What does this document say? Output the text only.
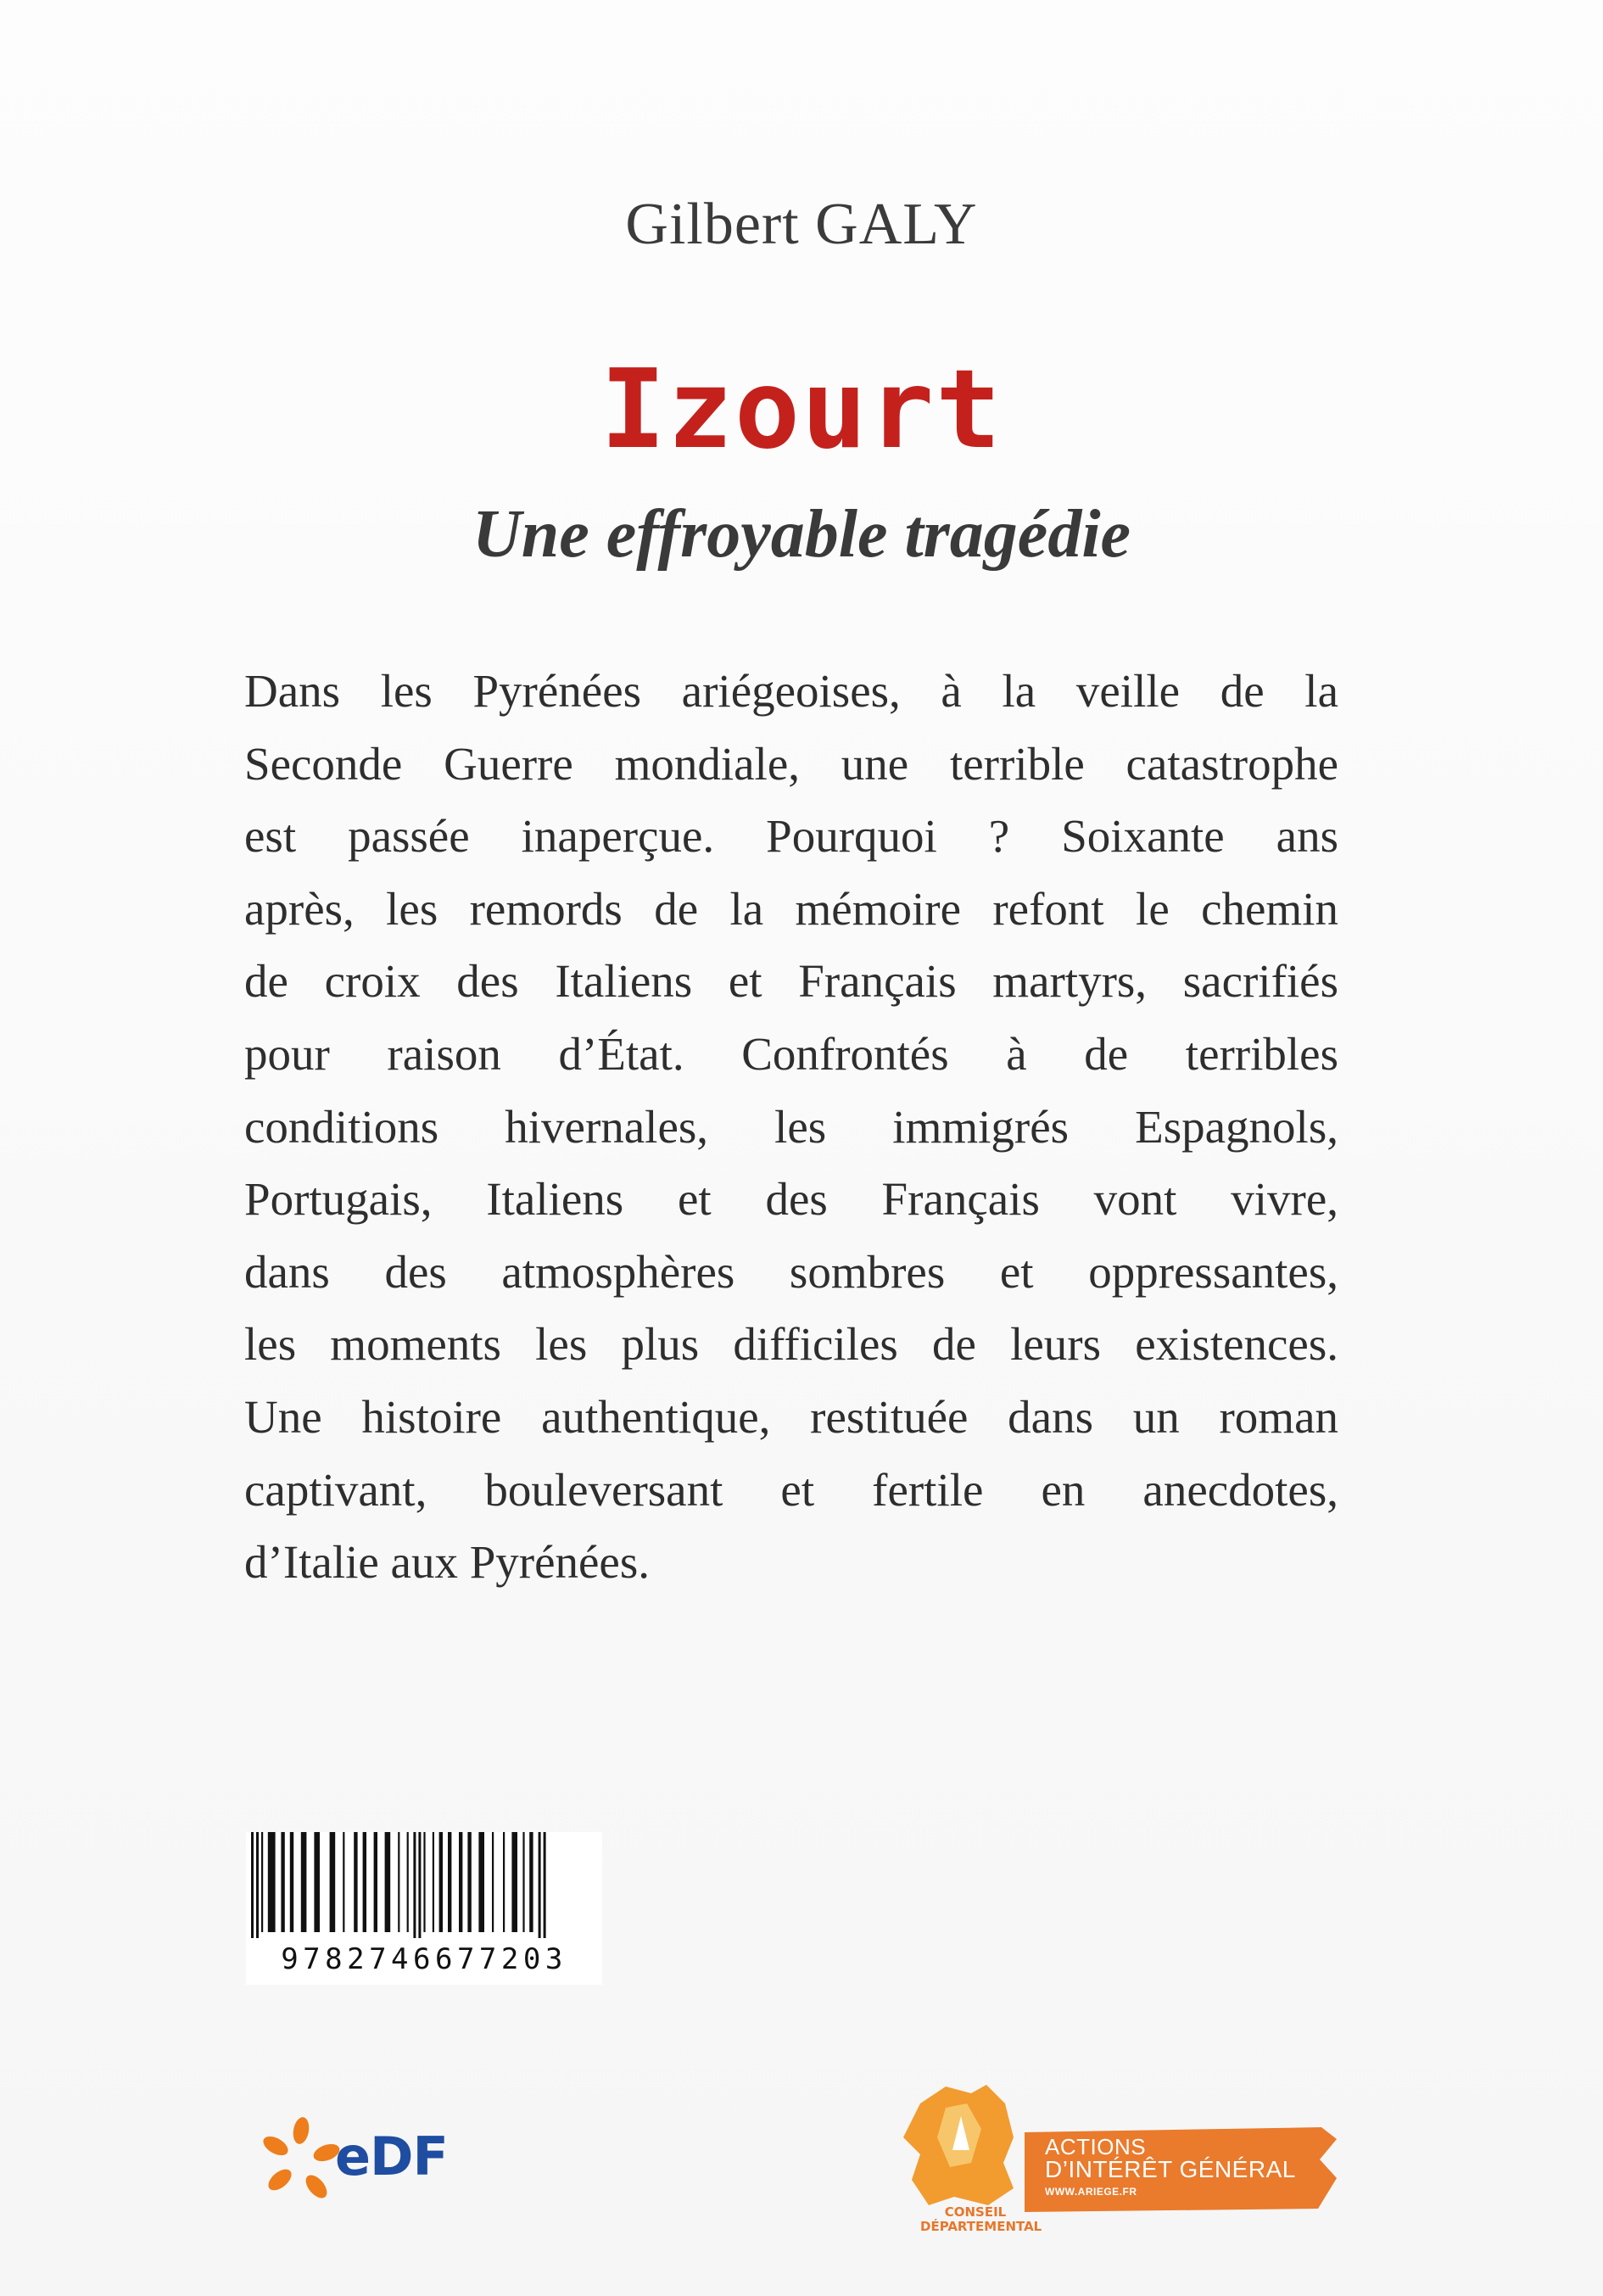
Gilbert GALY
Izourt
Une effroyable tragédie
Dans les Pyrénées ariégeoises, à la veille de la
Seconde Guerre mondiale, une terrible catastrophe
est passée inaperçue. Pourquoi ? Soixante ans
après, les remords de la mémoire refont le chemin
de croix des Italiens et Français martyrs, sacrifiés
pour raison d’État. Confrontés à de terribles
conditions hivernales, les immigrés Espagnols,
Portugais, Italiens et des Français vont vivre,
dans des atmosphères sombres et oppressantes,
les moments les plus difficiles de leurs existences.
Une histoire authentique, restituée dans un roman
captivant, bouleversant et fertile en anecdotes,
d’Italie aux Pyrénées.
9782746677203
eDF
CONSEIL
DÉPARTEMENTAL
ACTIONS
D’INTÉRÊT GÉNÉRAL
WWW.ARIEGE.FR
